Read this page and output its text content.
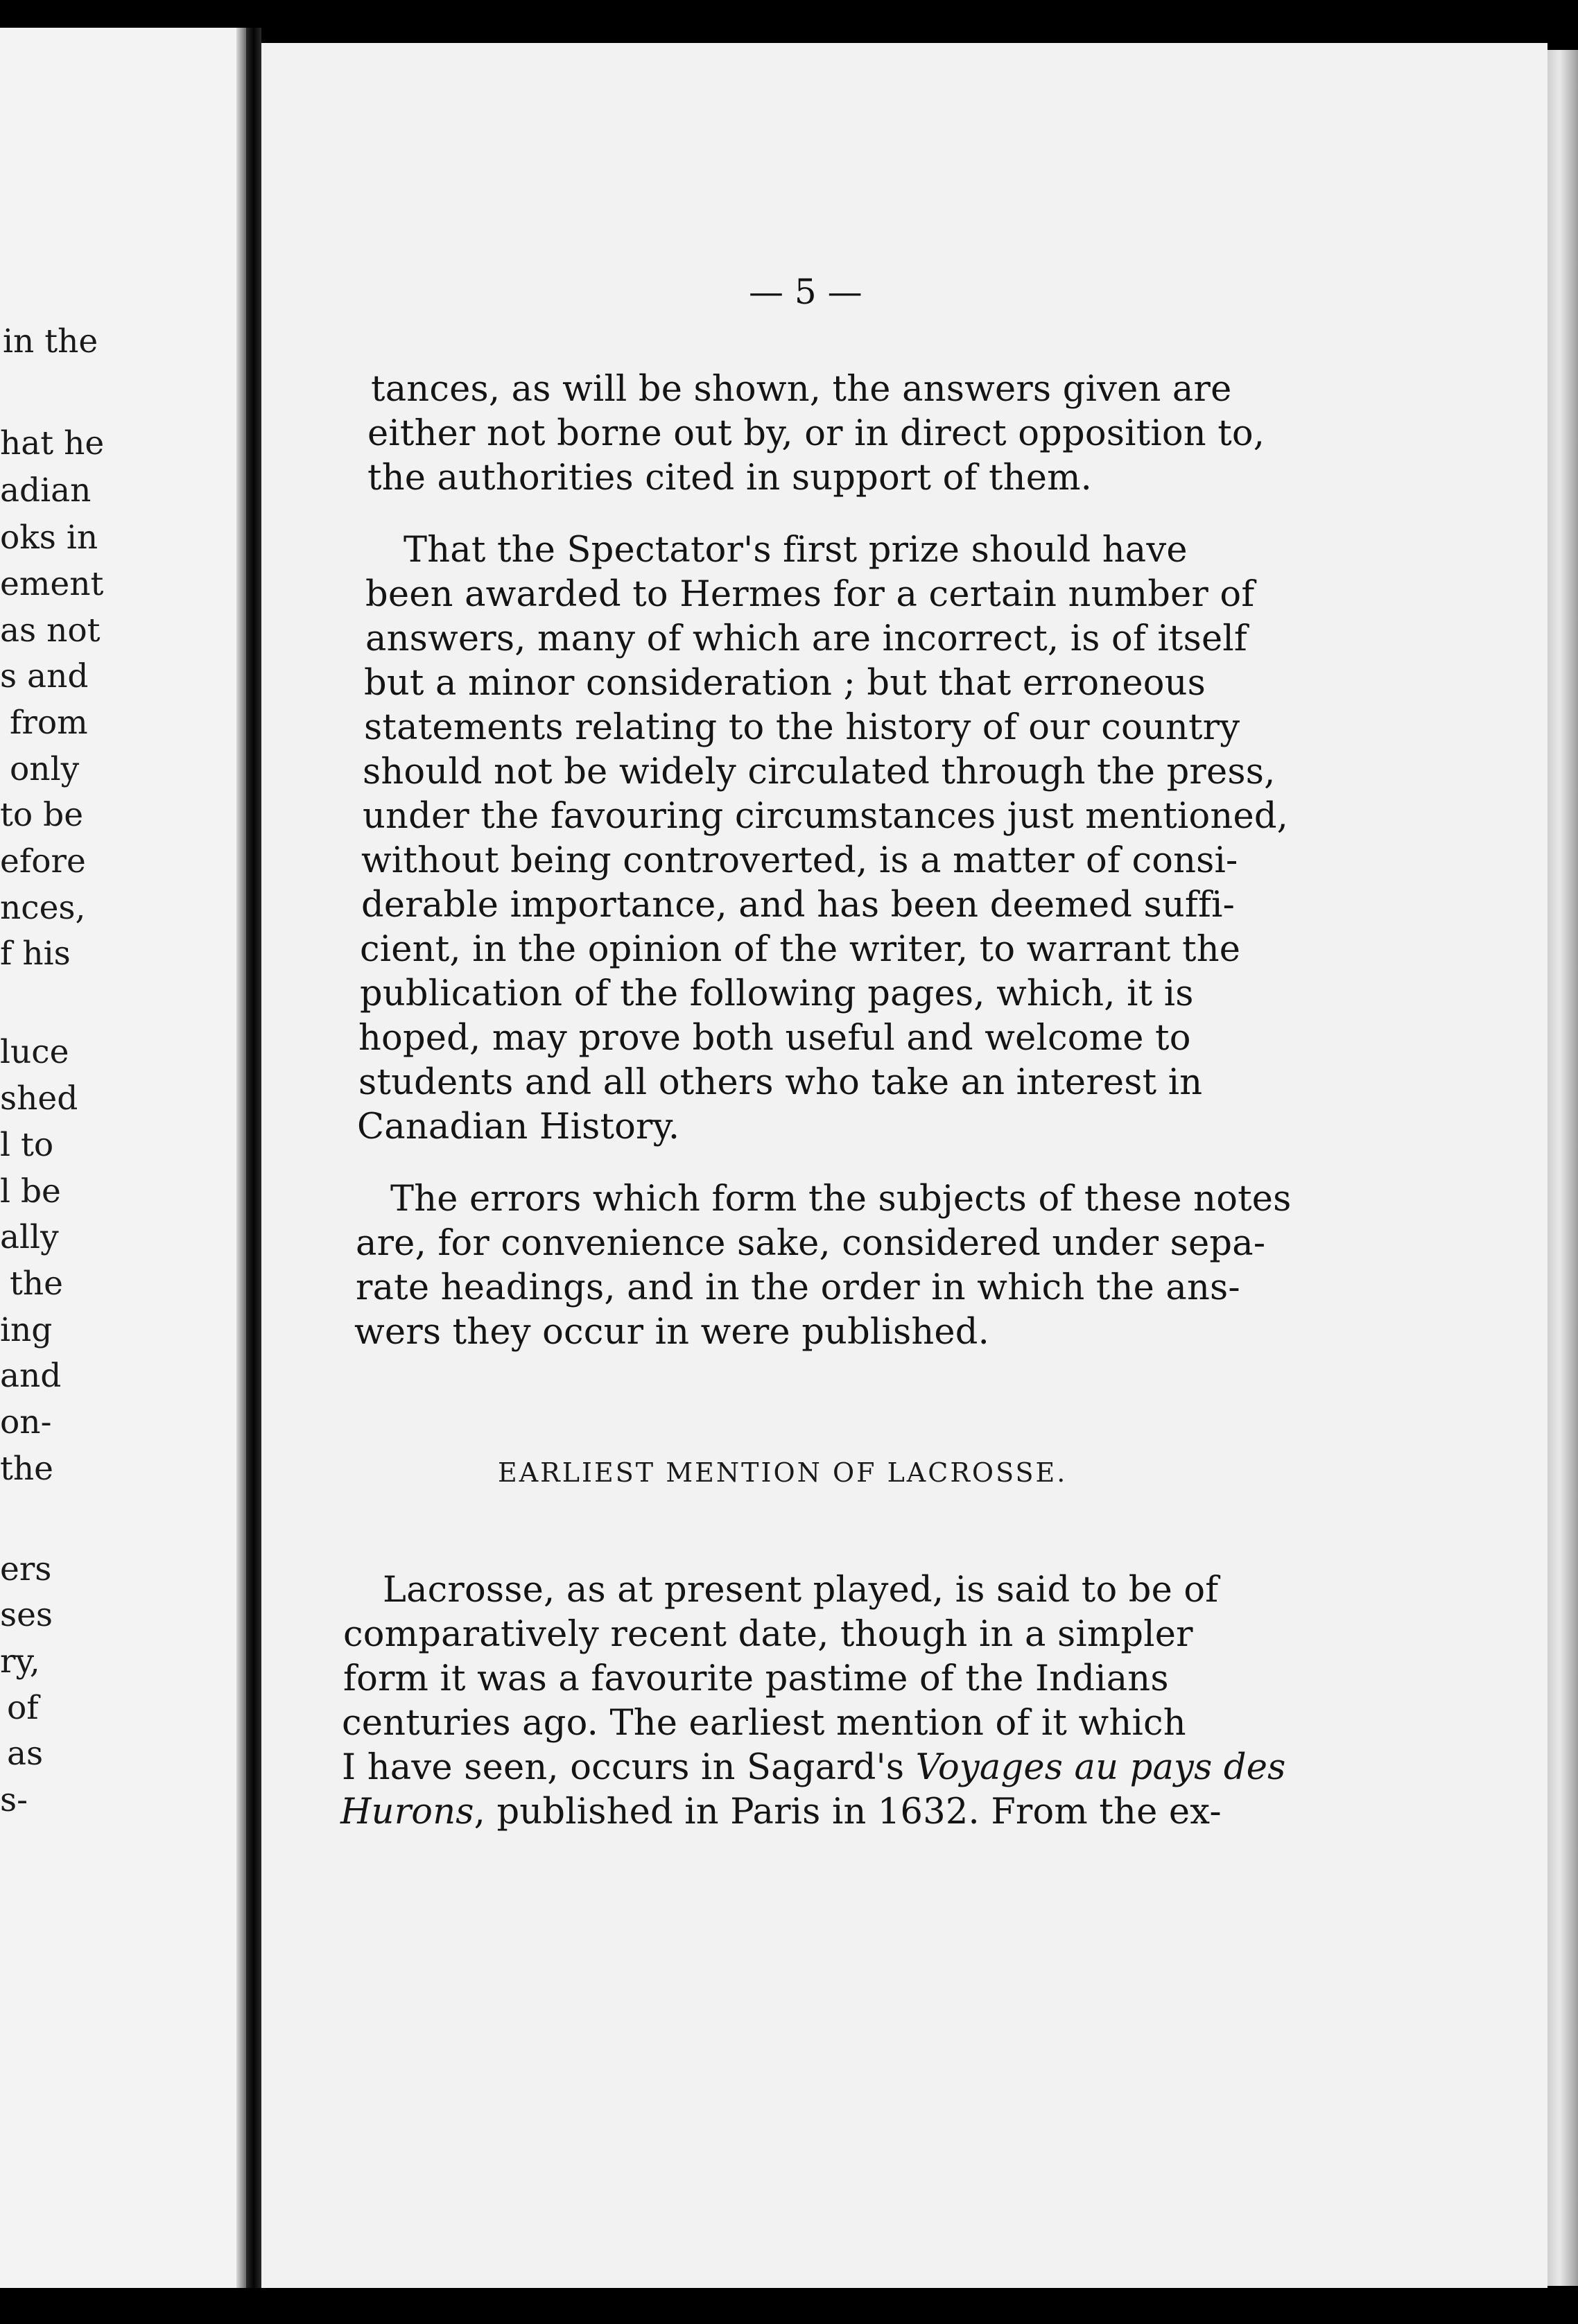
in the
hat he
adian
oks in
ement
as not
s and
from
only
to be
efore
nces,
f his
luce
shed
l to
l be
ally
the
ing
and
on-
the
ers
ses
ry,
of
as
s-
— 5 —
tances, as will be shown, the answers given are
either not borne out by, or in direct opposition to,
the authorities cited in support of them.
That the Spectator's first prize should have
been awarded to Hermes for a certain number of
answers, many of which are incorrect, is of itself
but a minor consideration ; but that erroneous
statements relating to the history of our country
should not be widely circulated through the press,
under the favouring circumstances just mentioned,
without being controverted, is a matter of consi-
derable importance, and has been deemed suffi-
cient, in the opinion of the writer, to warrant the
publication of the following pages, which, it is
hoped, may prove both useful and welcome to
students and all others who take an interest in
Canadian History.
The errors which form the subjects of these notes
are, for convenience sake, considered under sepa-
rate headings, and in the order in which the ans-
wers they occur in were published.
EARLIEST MENTION OF LACROSSE.
Lacrosse, as at present played, is said to be of
comparatively recent date, though in a simpler
form it was a favourite pastime of the Indians
centuries ago. The earliest mention of it which
I have seen, occurs in Sagard's Voyages au pays des
Hurons, published in Paris in 1632. From the ex-
